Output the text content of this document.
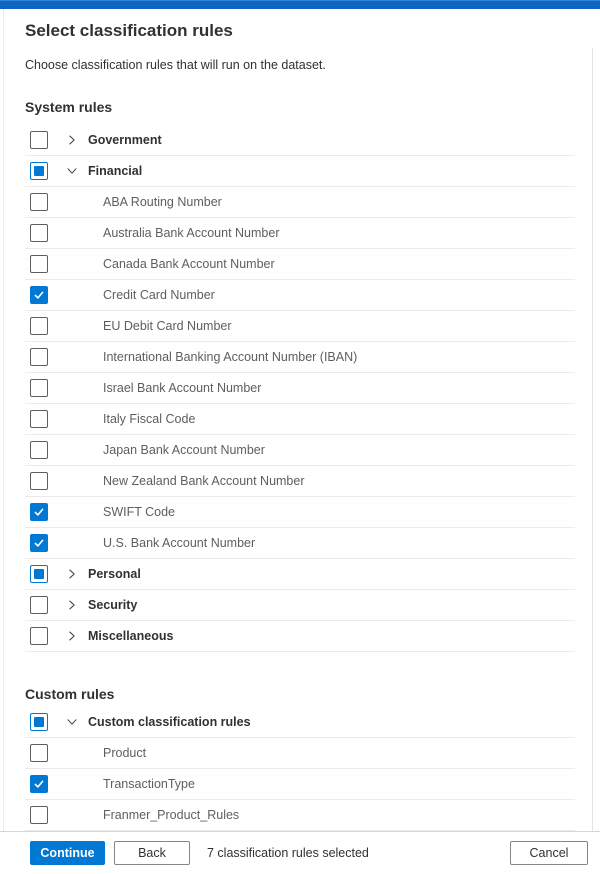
Select classification rules
Choose classification rules that will run on the dataset.
System rules
Government
Financial
ABA Routing Number
Australia Bank Account Number
Canada Bank Account Number
Credit Card Number
EU Debit Card Number
International Banking Account Number (IBAN)
Israel Bank Account Number
Italy Fiscal Code
Japan Bank Account Number
New Zealand Bank Account Number
SWIFT Code
U.S. Bank Account Number
Personal
Security
Miscellaneous
Custom rules
Custom classification rules
Product
TransactionType
Franmer_Product_Rules
Continue	Back	7 classification rules selected	Cancel
